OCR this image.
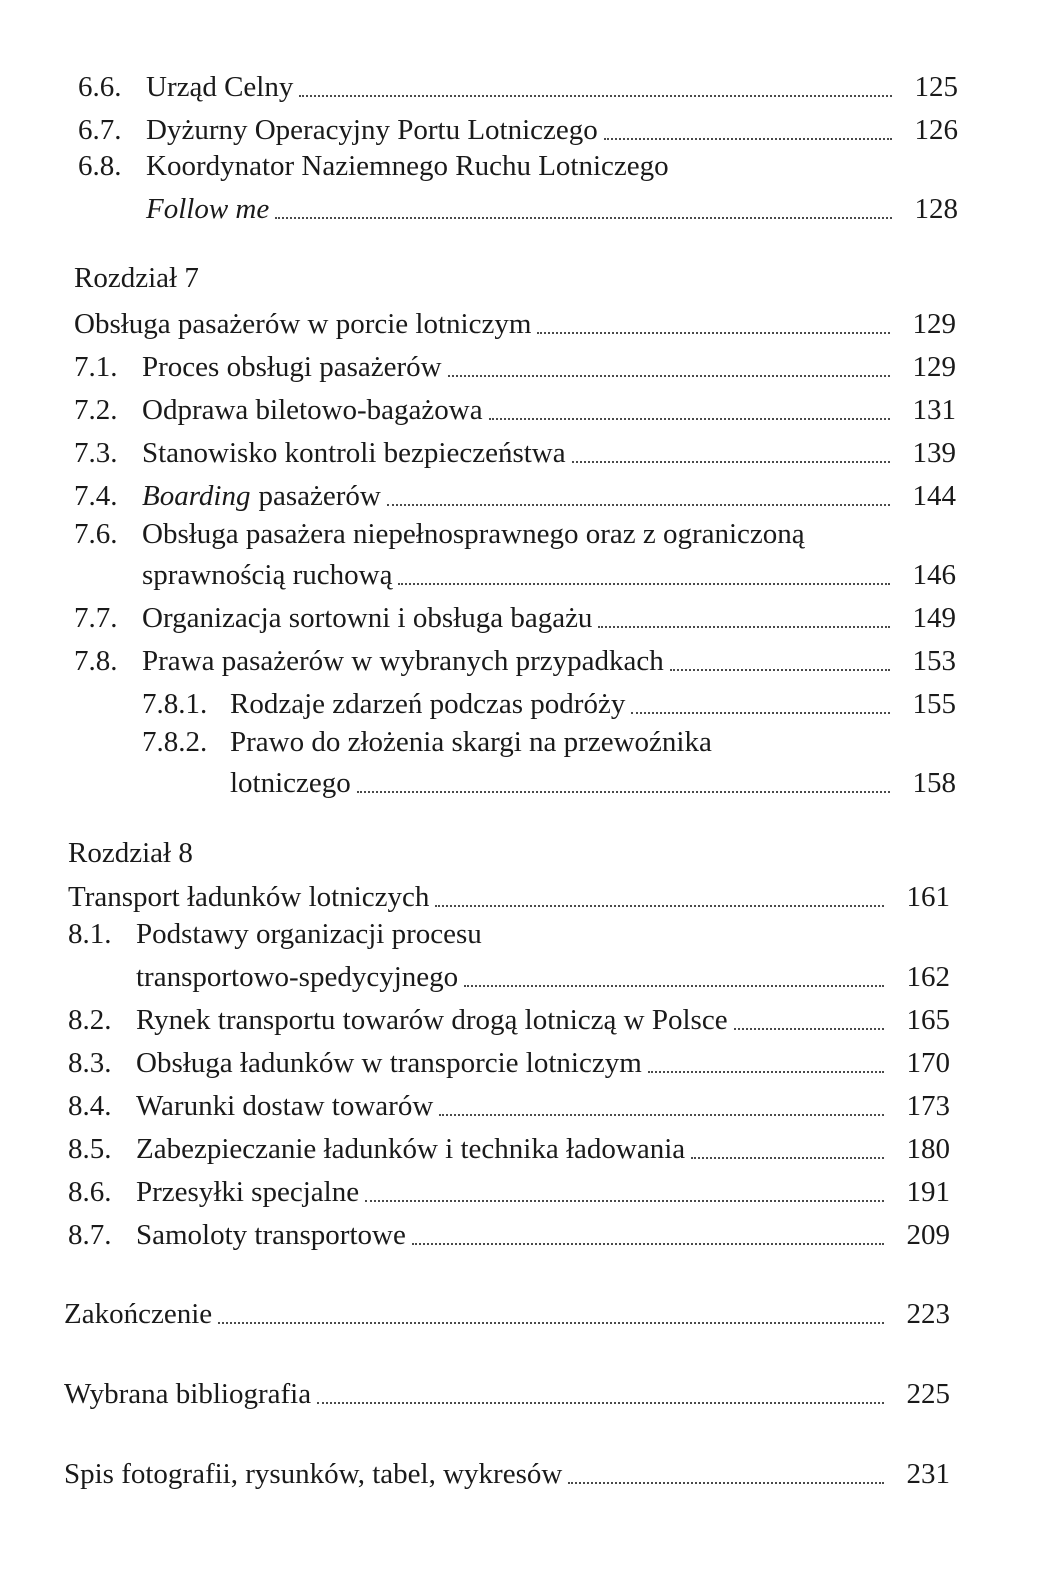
6.6. Urząd Celny	125
6.7. Dyżurny Operacyjny Portu Lotniczego	126
6.8. Koordynator Naziemnego Ruchu Lotniczego
Follow me	128
Rozdział 7
Obsługa pasażerów w porcie lotniczym	129
7.1. Proces obsługi pasażerów	129
7.2. Odprawa biletowo-bagażowa	131
7.3. Stanowisko kontroli bezpieczeństwa	139
7.4. Boarding pasażerów	144
7.6. Obsługa pasażera niepełnosprawnego oraz z ograniczoną
sprawnością ruchową	146
7.7. Organizacja sortowni i obsługa bagażu	149
7.8. Prawa pasażerów w wybranych przypadkach	153
7.8.1. Rodzaje zdarzeń podczas podróży	155
7.8.2. Prawo do złożenia skargi na przewoźnika
lotniczego	158
Rozdział 8
Transport ładunków lotniczych	161
8.1. Podstawy organizacji procesu
transportowo-spedycyjnego	162
8.2. Rynek transportu towarów drogą lotniczą w Polsce	165
8.3. Obsługa ładunków w transporcie lotniczym	170
8.4. Warunki dostaw towarów	173
8.5. Zabezpieczanie ładunków i technika ładowania	180
8.6. Przesyłki specjalne	191
8.7. Samoloty transportowe	209
Zakończenie	223
Wybrana bibliografia	225
Spis fotografii, rysunków, tabel, wykresów	231
